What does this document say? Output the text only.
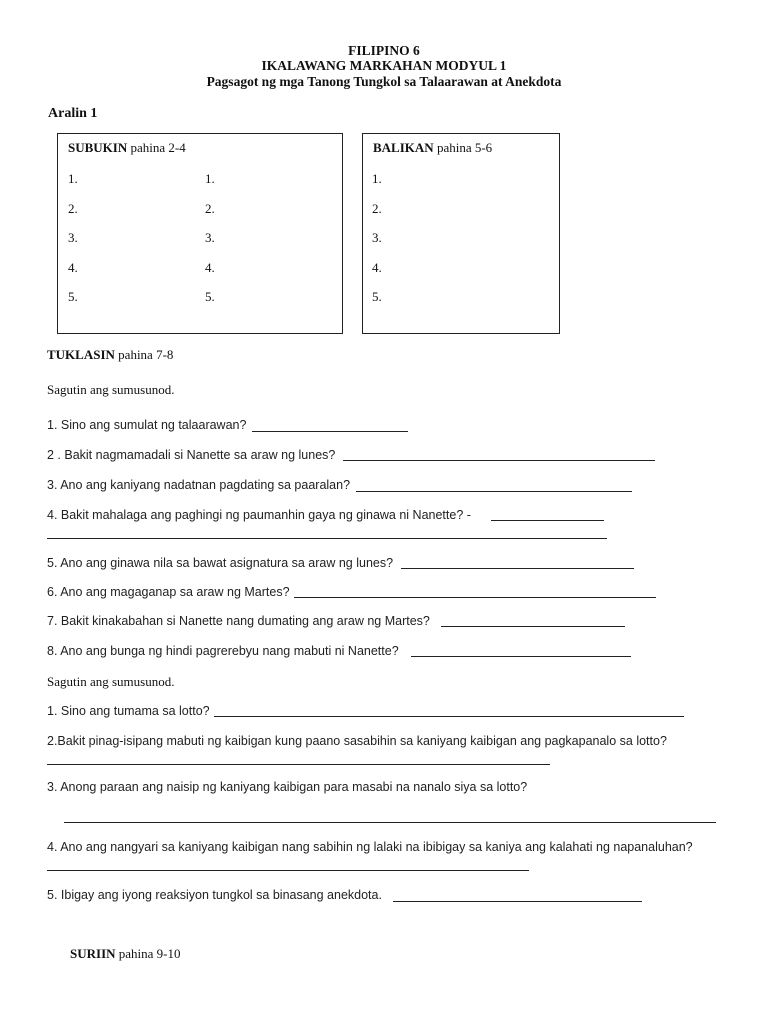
FILIPINO 6
IKALAWANG MARKAHAN MODYUL 1
Pagsagot ng mga Tanong Tungkol sa Talaarawan at Anekdota
Aralin 1
SUBUKIN pahina 2-4
1.
2.
3.
4.
5.
1.
2.
3.
4.
5.
BALIKAN pahina 5-6
1.
2.
3.
4.
5.
TUKLASIN pahina 7-8
Sagutin ang sumusunod.
1. Sino ang sumulat ng talaarawan?
2 . Bakit nagmamadali si Nanette sa araw ng lunes?
3. Ano ang kaniyang nadatnan pagdating sa paaralan?
4. Bakit mahalaga ang paghingi ng paumanhin gaya ng ginawa ni Nanette? -
5. Ano ang ginawa nila sa bawat asignatura sa araw ng lunes?
6. Ano ang magaganap sa araw ng Martes?
7. Bakit kinakabahan si Nanette nang dumating ang araw ng Martes?
8. Ano ang bunga ng hindi pagrerebyu nang mabuti ni Nanette?
Sagutin ang sumusunod.
1. Sino ang tumama sa lotto?
2.Bakit pinag-isipang mabuti ng kaibigan kung paano sasabihin sa kaniyang kaibigan ang pagkapanalo sa lotto?
3. Anong paraan ang naisip ng kaniyang kaibigan para masabi na nanalo siya sa lotto?
4. Ano ang nangyari sa kaniyang kaibigan nang sabihin ng lalaki na ibibigay sa kaniya ang kalahati ng napanaluhan?
5. Ibigay ang iyong reaksiyon tungkol sa binasang anekdota.
SURIIN pahina 9-10
